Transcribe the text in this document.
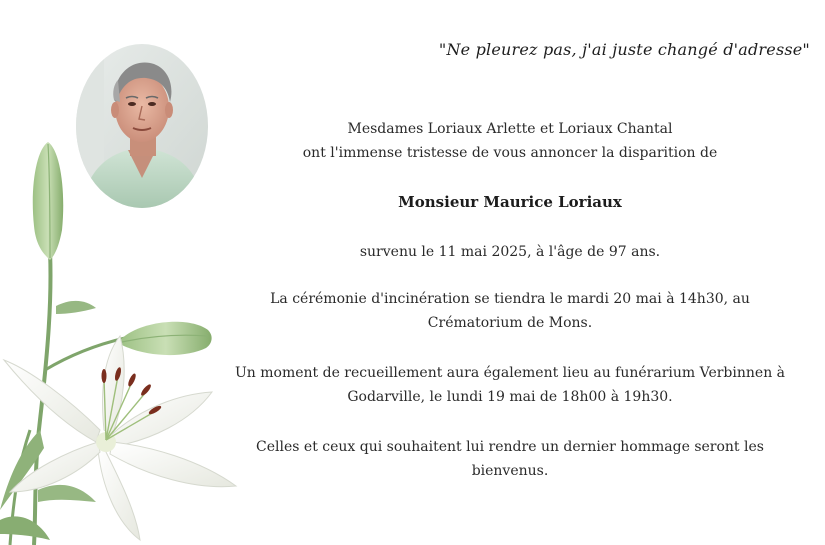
"Ne pleurez pas, j'ai juste changé d'adresse"
Mesdames Loriaux Arlette et Loriaux Chantal
ont l'immense tristesse de vous annoncer la disparition de
Monsieur Maurice Loriaux
survenu le 11 mai 2025, à l'âge de 97 ans.
La cérémonie d'incinération se tiendra le mardi 20 mai à 14h30, au
Crématorium de Mons.
Un moment de recueillement aura également lieu au funérarium Verbinnen à
Godarville, le lundi 19 mai de 18h00 à 19h30.
Celles et ceux qui souhaitent lui rendre un dernier hommage seront les
bienvenus.
